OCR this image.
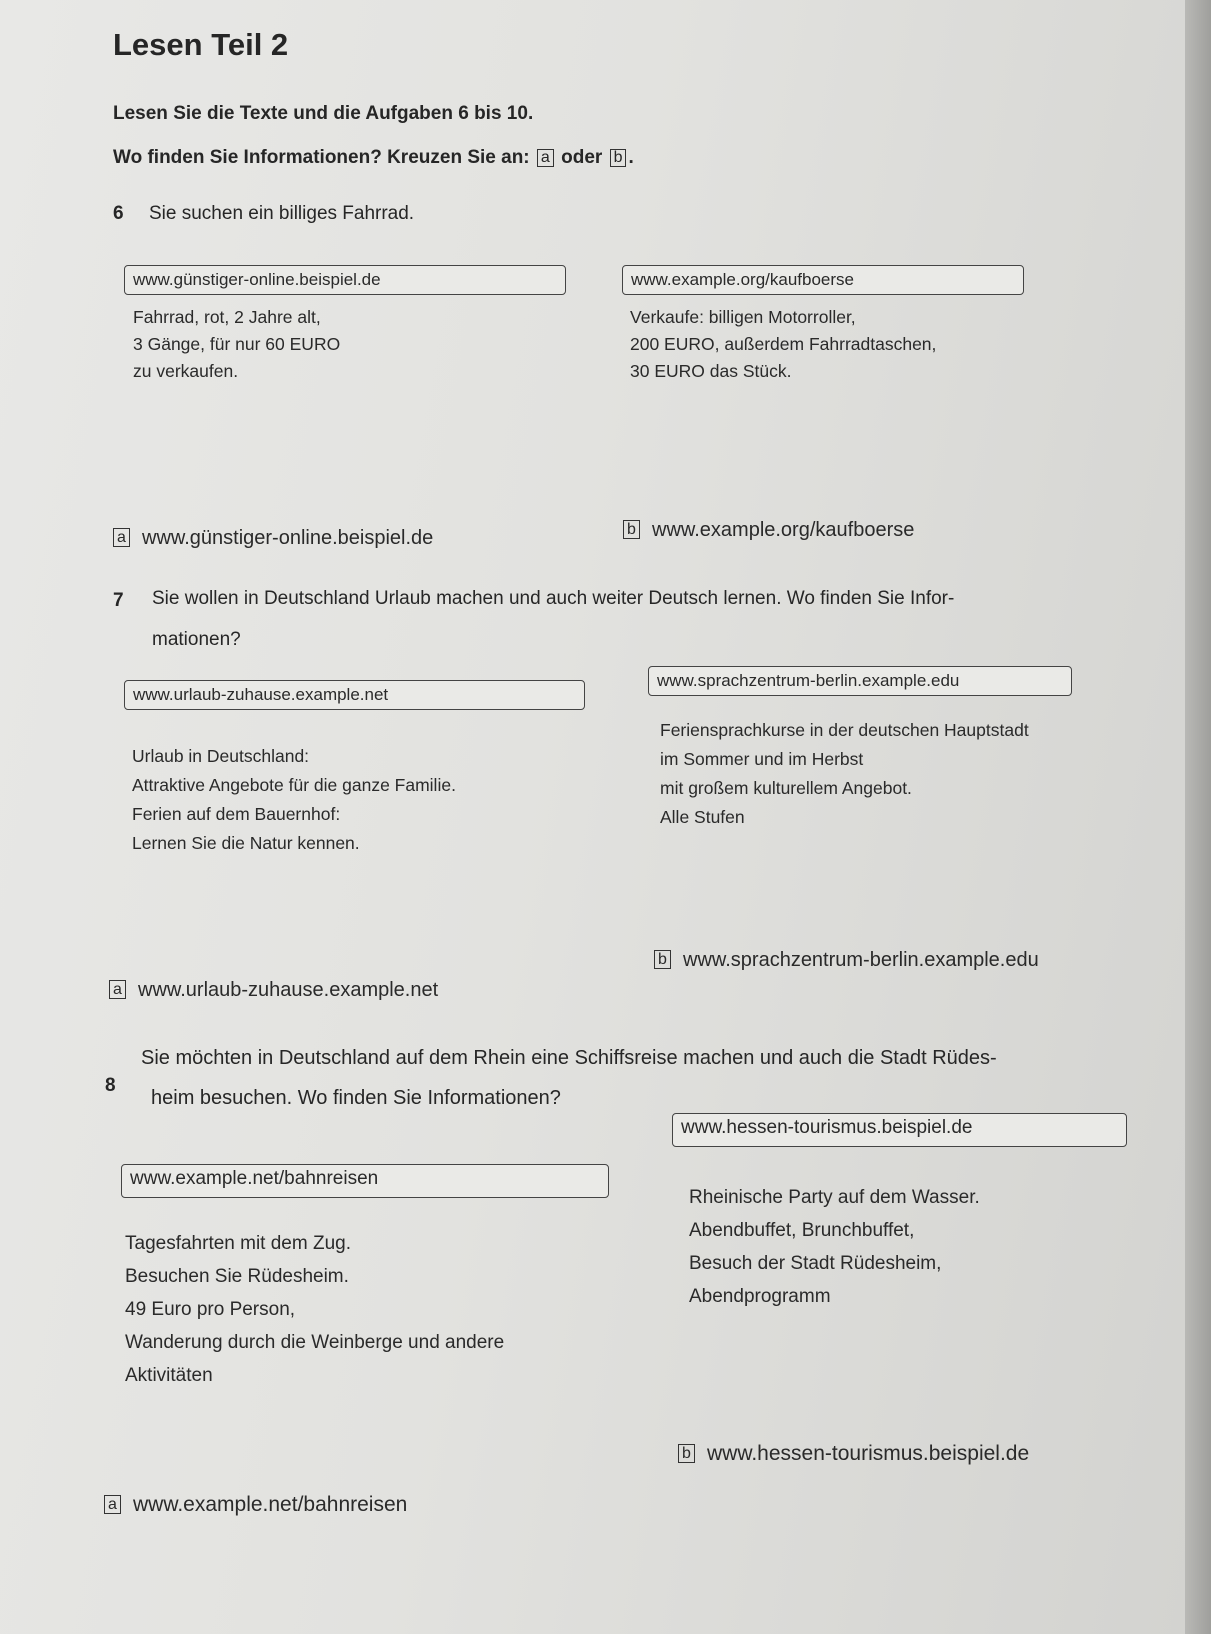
Lesen Teil 2
Lesen Sie die Texte und die Aufgaben 6 bis 10.
Wo finden Sie Informationen? Kreuzen Sie an: a oder b .
6 Sie suchen ein billiges Fahrrad.
www.günstiger-online.beispiel.de
Fahrrad, rot, 2 Jahre alt,
3 Gänge, für nur 60 EURO
zu verkaufen.
www.example.org/kaufboerse
Verkaufe: billigen Motorroller,
200 EURO, außerdem Fahrradtaschen,
30 EURO das Stück.
a www.günstiger-online.beispiel.de	b www.example.org/kaufboerse
7 Sie wollen in Deutschland Urlaub machen und auch weiter Deutsch lernen. Wo finden Sie Infor-
mationen?
www.urlaub-zuhause.example.net
Urlaub in Deutschland:
Attraktive Angebote für die ganze Familie.
Ferien auf dem Bauernhof:
Lernen Sie die Natur kennen.
www.sprachzentrum-berlin.example.edu
Feriensprachkurse in der deutschen Hauptstadt
im Sommer und im Herbst
mit großem kulturellem Angebot.
Alle Stufen
a www.urlaub-zuhause.example.net
b www.sprachzentrum-berlin.example.edu
8
Sie möchten in Deutschland auf dem Rhein eine Schiffsreise machen und auch die Stadt Rüdes-
heim besuchen. Wo finden Sie Informationen?
www.example.net/bahnreisen
Tagesfahrten mit dem Zug.
Besuchen Sie Rüdesheim.
49 Euro pro Person,
Wanderung durch die Weinberge und andere
Aktivitäten
www.hessen-tourismus.beispiel.de
Rheinische Party auf dem Wasser.
Abendbuffet, Brunchbuffet,
Besuch der Stadt Rüdesheim,
Abendprogramm
a www.example.net/bahnreisen
b www.hessen-tourismus.beispiel.de
